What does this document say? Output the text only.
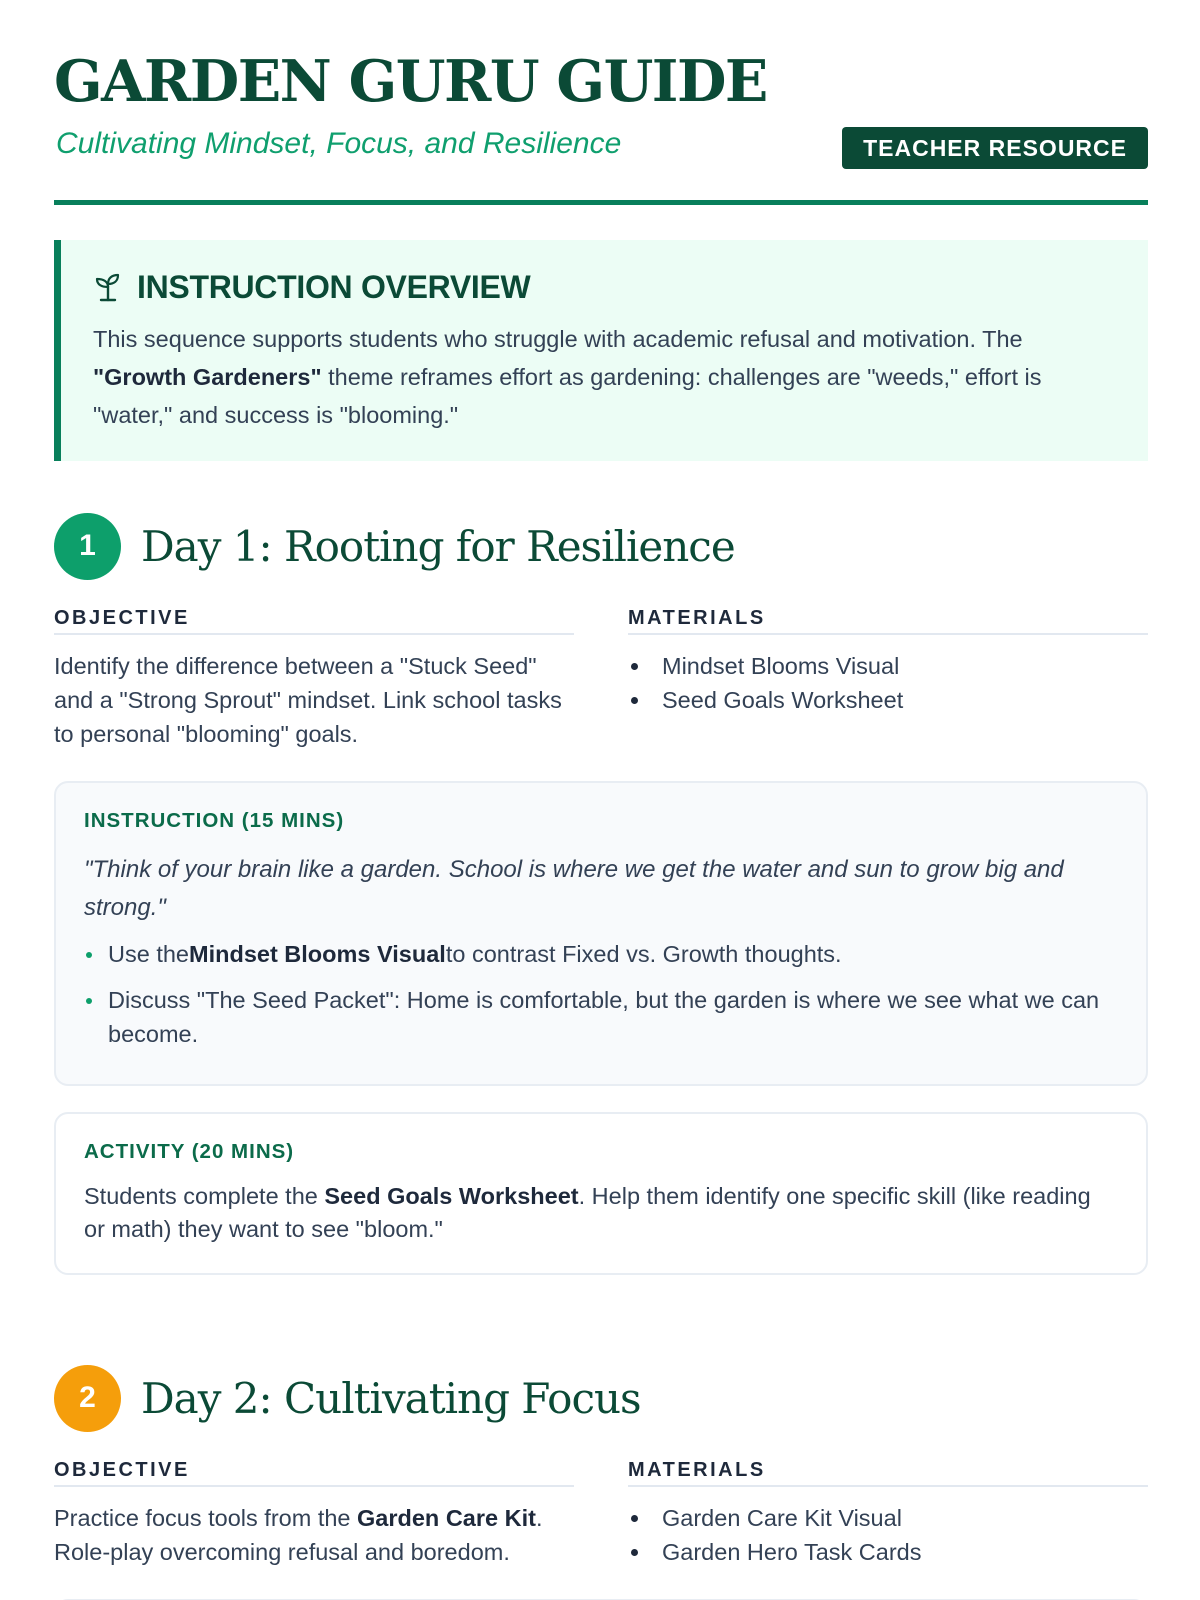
GARDEN GURU GUIDE
Cultivating Mindset, Focus, and Resilience	TEACHER RESOURCE
INSTRUCTION OVERVIEW
This sequence supports students who struggle with academic refusal and motivation. The "Growth Gardeners" theme reframes effort as gardening: challenges are "weeds," effort is "water," and success is "blooming."
1	Day 1: Rooting for Resilience
OBJECTIVE
Identify the difference between a "Stuck Seed" and a "Strong Sprout" mindset. Link school tasks to personal "blooming" goals.
MATERIALS
Mindset Blooms Visual
Seed Goals Worksheet
INSTRUCTION (15 MINS)
"Think of your brain like a garden. School is where we get the water and sun to grow big and strong."
Use theMindset Blooms Visualto contrast Fixed vs. Growth thoughts.
Discuss "The Seed Packet": Home is comfortable, but the garden is where we see what we can become.
ACTIVITY (20 MINS)
Students complete the Seed Goals Worksheet. Help them identify one specific skill (like reading or math) they want to see "bloom."
2	Day 2: Cultivating Focus
OBJECTIVE
Practice focus tools from the Garden Care Kit. Role-play overcoming refusal and boredom.
MATERIALS
Garden Care Kit Visual
Garden Hero Task Cards
